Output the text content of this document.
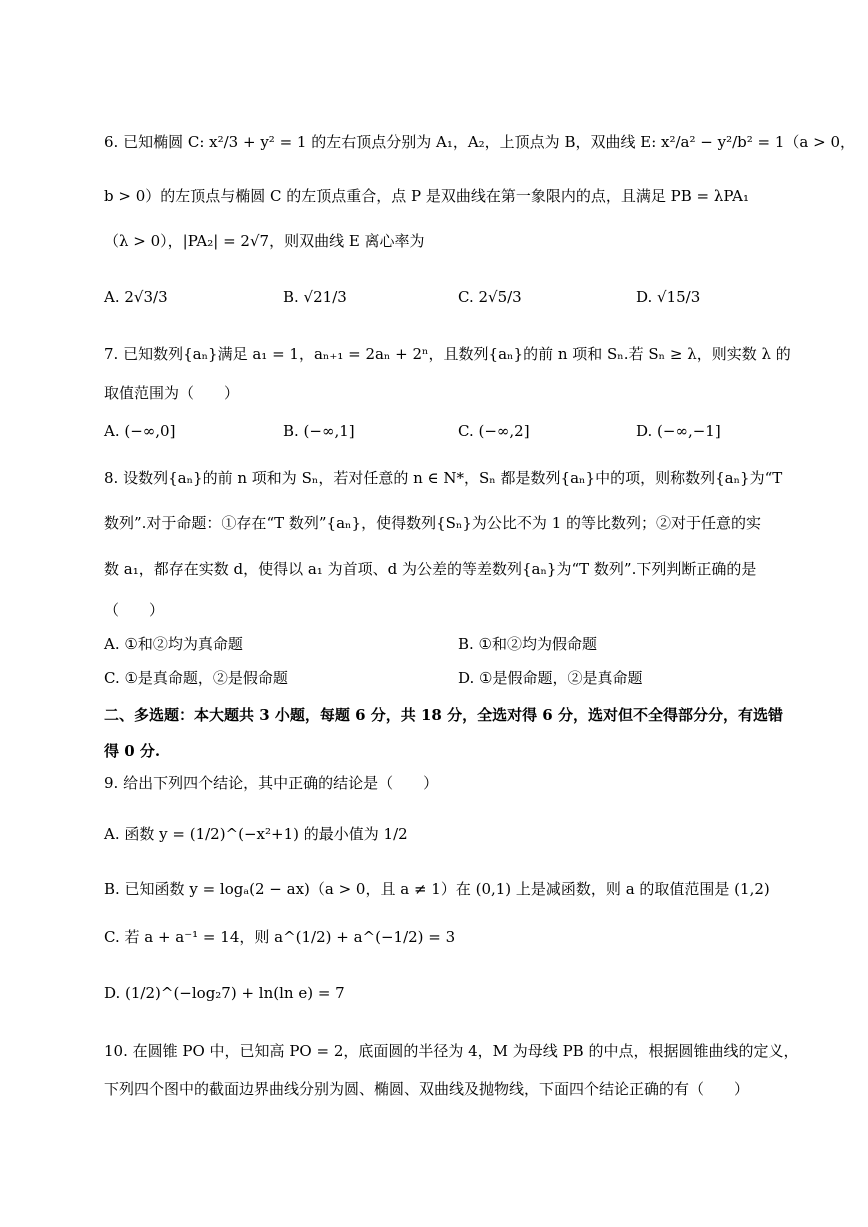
6. 已知椭圆 C: x²/3 + y² = 1 的左右顶点分别为 A₁，A₂，上顶点为 B，双曲线 E: x²/a² − y²/b² = 1（a > 0，
b > 0）的左顶点与椭圆 C 的左顶点重合，点 P 是双曲线在第一象限内的点，且满足 PB = λPA₁
（λ > 0），|PA₂| = 2√7，则双曲线 E 离心率为
A. 2√3/3	B. √21/3	C. 2√5/3	D. √15/3
7. 已知数列{aₙ}满足 a₁ = 1，aₙ₊₁ = 2aₙ + 2ⁿ，且数列{aₙ}的前 n 项和 Sₙ.若 Sₙ ≥ λ，则实数 λ 的
取值范围为（　　）
A. (−∞,0]	B. (−∞,1]	C. (−∞,2]	D. (−∞,−1]
8. 设数列{aₙ}的前 n 项和为 Sₙ，若对任意的 n ∈ N*，Sₙ 都是数列{aₙ}中的项，则称数列{aₙ}为“T
数列”.对于命题：①存在“T 数列”{aₙ}，使得数列{Sₙ}为公比不为 1 的等比数列；②对于任意的实
数 a₁，都存在实数 d，使得以 a₁ 为首项、d 为公差的等差数列{aₙ}为“T 数列”.下列判断正确的是
（　　）
A. ①和②均为真命题	B. ①和②均为假命题
C. ①是真命题，②是假命题	D. ①是假命题，②是真命题
二、多选题：本大题共 3 小题，每题 6 分，共 18 分，全选对得 6 分，选对但不全得部分分，有选错
得 0 分.
9. 给出下列四个结论，其中正确的结论是（　　）
A. 函数 y = (1/2)^(−x²+1) 的最小值为 1/2
B. 已知函数 y = logₐ(2 − ax)（a > 0，且 a ≠ 1）在 (0,1) 上是减函数，则 a 的取值范围是 (1,2)
C. 若 a + a⁻¹ = 14，则 a^(1/2) + a^(−1/2) = 3
D. (1/2)^(−log₂7) + ln(ln e) = 7
10. 在圆锥 PO 中，已知高 PO = 2，底面圆的半径为 4，M 为母线 PB 的中点，根据圆锥曲线的定义，
下列四个图中的截面边界曲线分别为圆、椭圆、双曲线及抛物线，下面四个结论正确的有（　　）
